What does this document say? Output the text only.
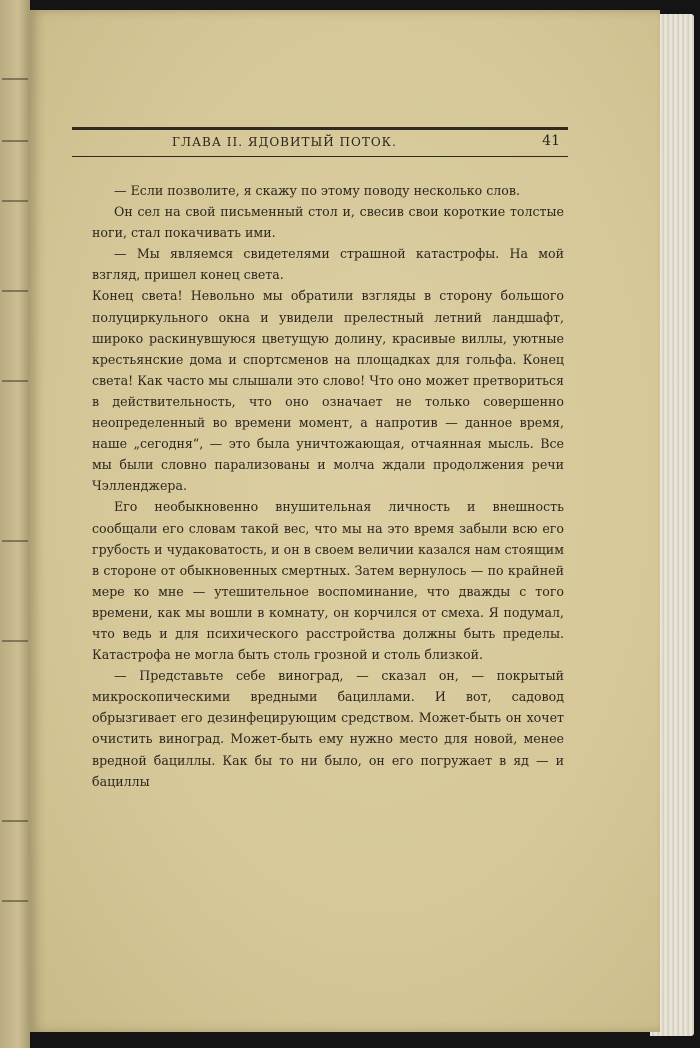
ГЛАВА II. ЯДОВИТЫЙ ПОТОК.	41

— Если позволите, я скажу по этому поводу несколько слов.

Он сел на свой письменный стол и, свесив свои короткие толстые ноги, стал покачивать ими.

— Мы являемся свидетелями страшной катастрофы. На мой взгляд, пришел конец света.

Конец света! Невольно мы обратили взгляды в сторону большого полуциркульного окна и увидели прелестный летний ландшафт, широко раскинувшуюся цветущую долину, красивые виллы, уютные крестьянские дома и спортсменов на площадках для гольфа. Конец света! Как часто мы слышали это слово! Что оно может претвориться в действительность, что оно означает не только совершенно неопределенный во времени момент, а напротив — данное время, наше „сегодня“, — это была уничтожающая, отчаянная мысль. Все мы были словно парализованы и молча ждали продолжения речи Чэлленджера.

Его необыкновенно внушительная личность и внешность сообщали его словам такой вес, что мы на это время забыли всю его грубость и чудаковатость, и он в своем величии казался нам стоящим в стороне от обыкновенных смертных. Затем вернулось — по крайней мере ко мне — утешительное воспоминание, что дважды с того времени, как мы вошли в комнату, он корчился от смеха. Я подумал, что ведь и для психического расстройства должны быть пределы. Катастрофа не могла быть столь грозной и столь близкой.

— Представьте себе виноград, — сказал он, — покрытый микроскопическими вредными бациллами. И вот, садовод обрызгивает его дезинфецирующим средством. Может-быть он хочет очистить виноград. Может-быть ему нужно место для новой, менее вредной бациллы. Как бы то ни было, он его погружает в яд — и бациллы
